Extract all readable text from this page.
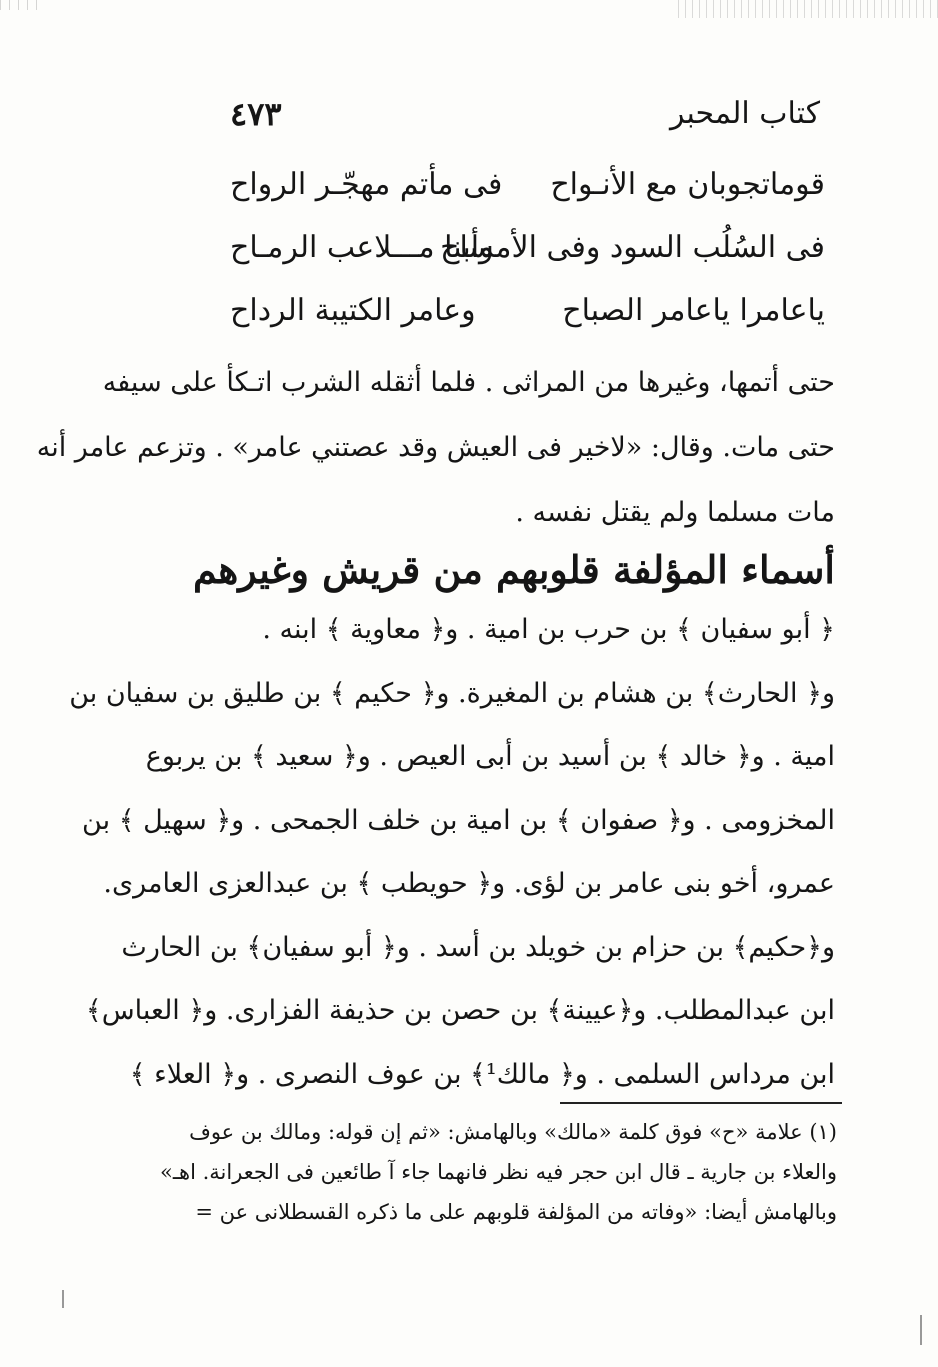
كتاب المحبر
٤٧٣
قوماتجوبان مع الأنـواح
فى مأتم مهجّـر الرواح
فى السُلُب السود وفى الأمساح
وأبنا مـــلاعب الرمـاح
ياعامرا ياعامر الصباح
وعامر الكتيبة الرداح
حتى أتمها، وغيرها من المراثى . فلما أثقله الشرب اتـكأ على سيفه
حتى مات. وقال: «لاخير فى العيش وقد عصتني عامر» . وتزعم عامر أنه
مات مسلما ولم يقتل نفسه .
أسماء المؤلفة قلوبهم من قريش وغيرهم
﴿ أبو سفيان ﴾ بن حرب بن امية . و﴿ معاوية ﴾ ابنه .
و﴿ الحارث﴾ بن هشام بن المغيرة. و﴿ حكيم ﴾ بن طليق بن سفيان بن
امية . و﴿ خالد ﴾ بن أسيد بن أبى العيص . و﴿ سعيد ﴾ بن يربوع
المخزومى . و﴿ صفوان ﴾ بن امية بن خلف الجمحى . و﴿ سهيل ﴾ بن
عمرو، أخو بنى عامر بن لؤى. و﴿ حويطب ﴾ بن عبدالعزى العامرى.
و﴿حكيم﴾ بن حزام بن خويلد بن أسد . و﴿ أبو سفيان﴾ بن الحارث
ابن عبدالمطلب. و﴿عيينة﴾ بن حصن بن حذيفة الفزارى. و﴿ العباس﴾
ابن مرداس السلمى . و﴿ مالك¹﴾ بن عوف النصرى . و﴿ العلاء ﴾
(١) علامة «ح» فوق كلمة «مالك» وبالهامش: «ثم إن قوله: ومالك بن عوف
والعلاء بن جارية ـ قال ابن حجر فيه نظر فانهما جاء آ طائعين فى الجعرانة. اهـ»
وبالهامش أيضا: «وفاته من المؤلفة قلوبهم على ما ذكره القسطلانى عن =
